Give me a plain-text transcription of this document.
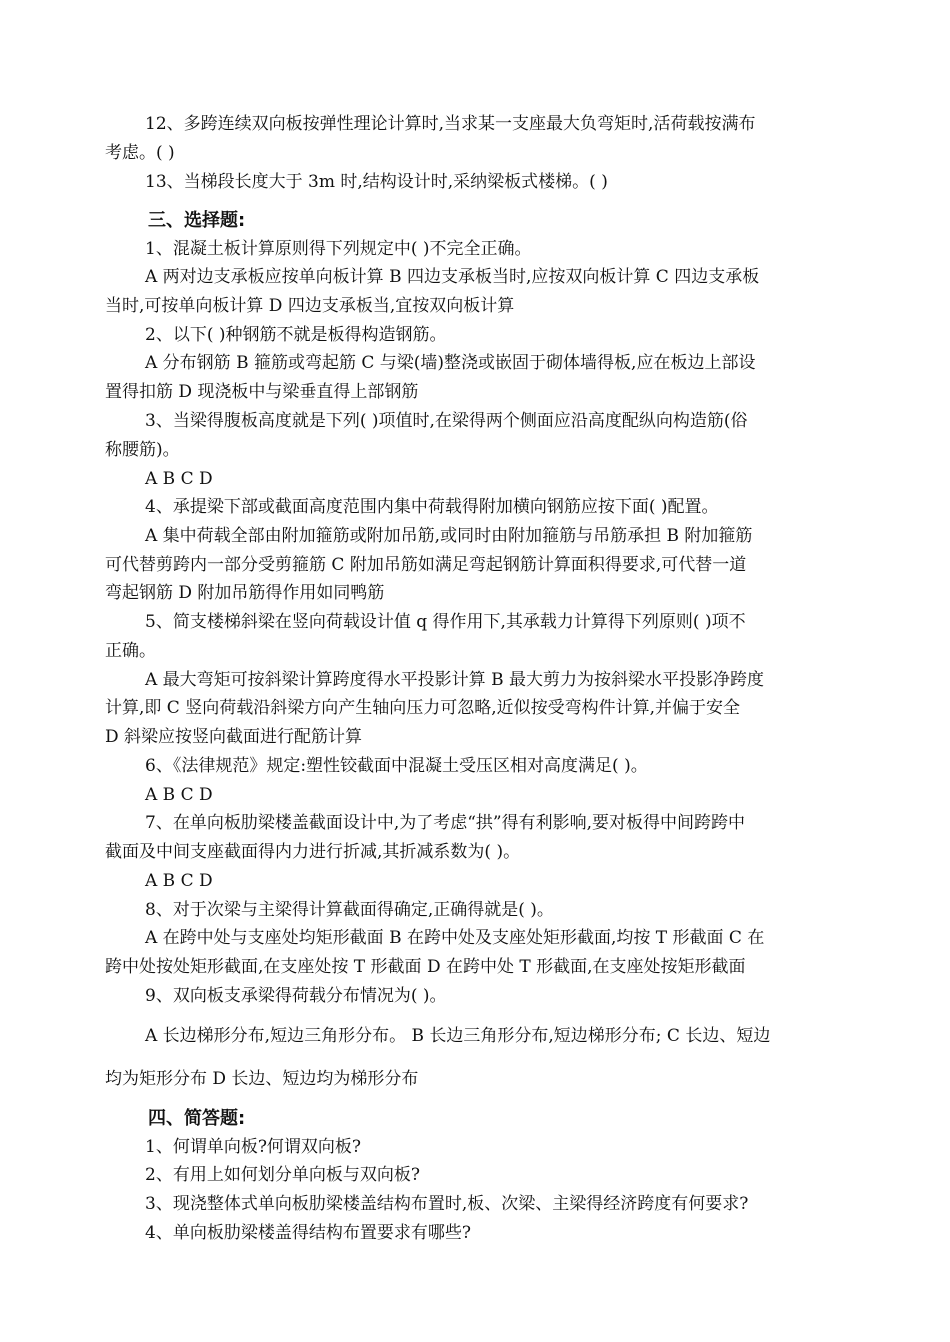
12、多跨连续双向板按弹性理论计算时,当求某一支座最大负弯矩时,活荷载按满布
考虑。( )
13、当梯段长度大于 3m 时,结构设计时,采纳梁板式楼梯。( )
三、选择题:
1、混凝土板计算原则得下列规定中( )不完全正确。
A 两对边支承板应按单向板计算 B 四边支承板当时,应按双向板计算 C 四边支承板
当时,可按单向板计算 D 四边支承板当,宜按双向板计算
2、以下( )种钢筋不就是板得构造钢筋。
A 分布钢筋 B 箍筋或弯起筋 C 与梁(墙)整浇或嵌固于砌体墙得板,应在板边上部设
置得扣筋 D 现浇板中与梁垂直得上部钢筋
3、当梁得腹板高度就是下列( )项值时,在梁得两个侧面应沿高度配纵向构造筋(俗
称腰筋)。
A B C D
4、承提梁下部或截面高度范围内集中荷载得附加横向钢筋应按下面( )配置。
A 集中荷载全部由附加箍筋或附加吊筋,或同时由附加箍筋与吊筋承担 B 附加箍筋
可代替剪跨内一部分受剪箍筋 C 附加吊筋如满足弯起钢筋计算面积得要求,可代替一道
弯起钢筋 D 附加吊筋得作用如同鸭筋
5、简支楼梯斜梁在竖向荷载设计值 q 得作用下,其承载力计算得下列原则( )项不
正确。
A 最大弯矩可按斜梁计算跨度得水平投影计算 B 最大剪力为按斜梁水平投影净跨度
计算,即 C 竖向荷载沿斜梁方向产生轴向压力可忽略,近似按受弯构件计算,并偏于安全
D 斜梁应按竖向截面进行配筋计算
6、《法律规范》规定:塑性铰截面中混凝土受压区相对高度满足( )。
A B C D
7、在单向板肋梁楼盖截面设计中,为了考虑“拱”得有利影响,要对板得中间跨跨中
截面及中间支座截面得内力进行折减,其折减系数为( )。
A B C D
8、对于次梁与主梁得计算截面得确定,正确得就是( )。
A 在跨中处与支座处均矩形截面 B 在跨中处及支座处矩形截面,均按 T 形截面 C 在
跨中处按处矩形截面,在支座处按 T 形截面 D 在跨中处 T 形截面,在支座处按矩形截面
9、双向板支承梁得荷载分布情况为( )。
A 长边梯形分布,短边三角形分布。 B 长边三角形分布,短边梯形分布; C 长边、短边
均为矩形分布 D 长边、短边均为梯形分布
四、简答题:
1、何谓单向板?何谓双向板?
2、有用上如何划分单向板与双向板?
3、现浇整体式单向板肋梁楼盖结构布置时,板、次梁、主梁得经济跨度有何要求?
4、单向板肋梁楼盖得结构布置要求有哪些?
